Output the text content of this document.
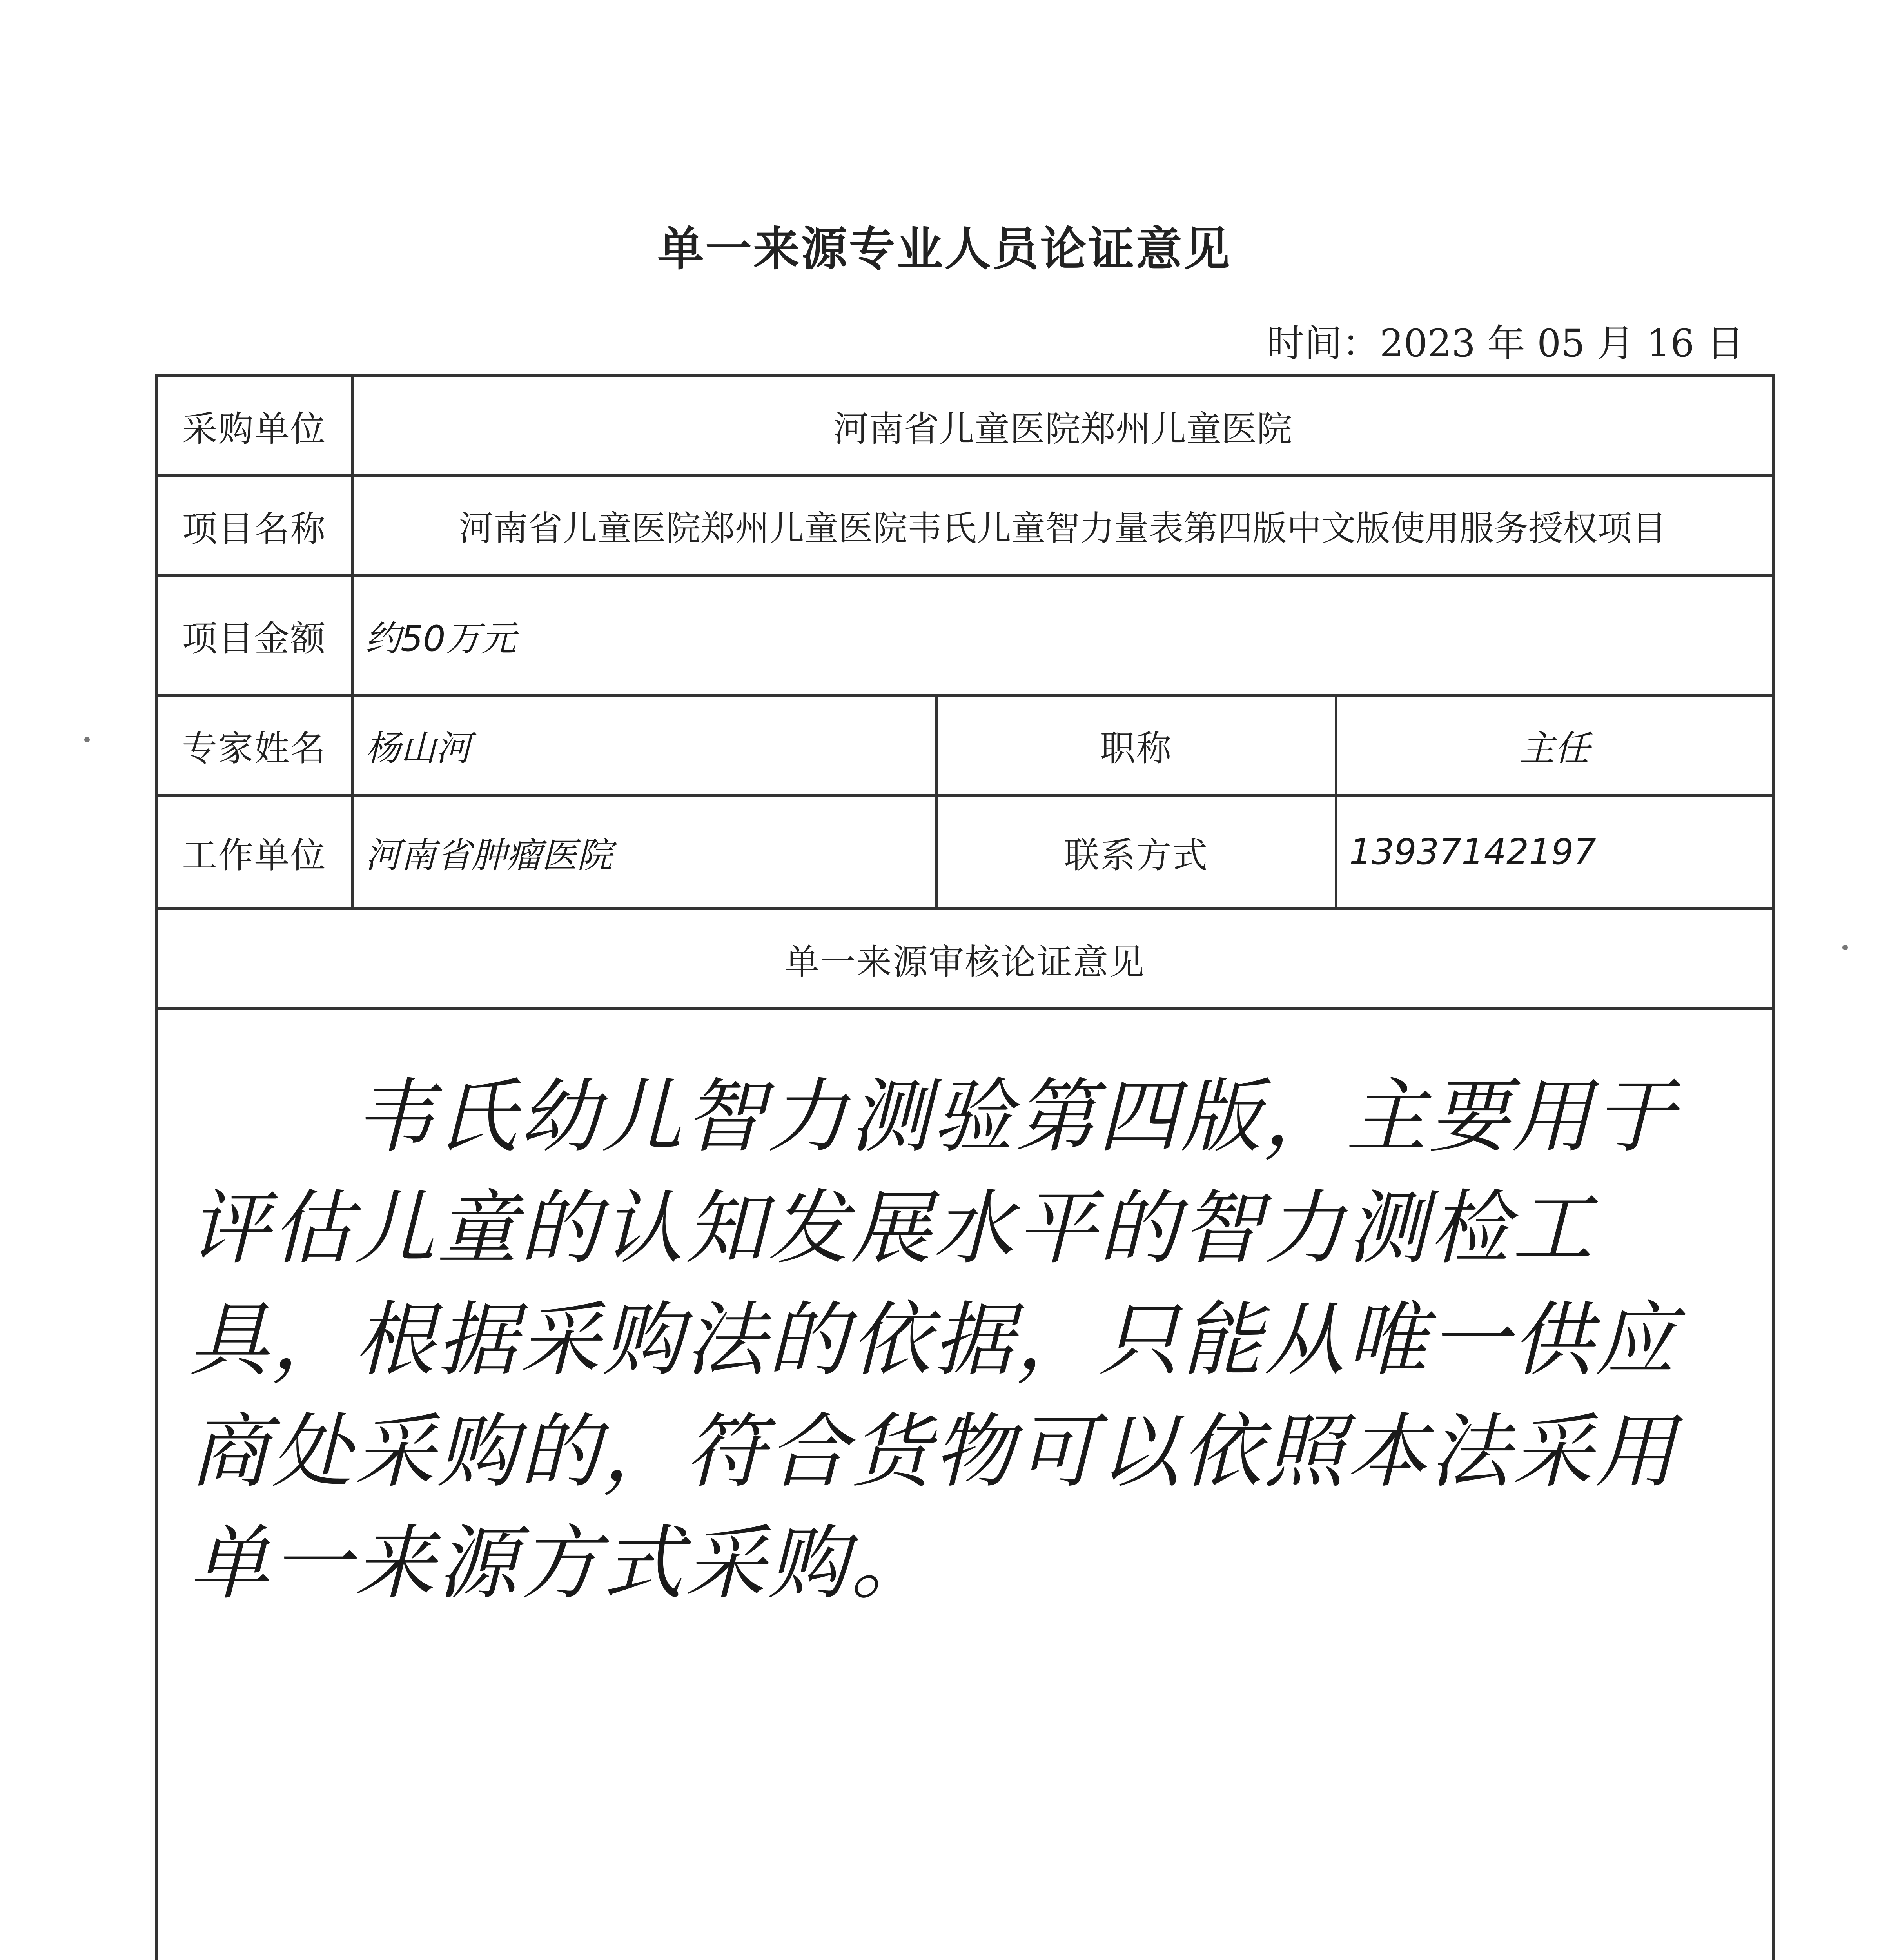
单一来源专业人员论证意见
时间：2023 年 05 月 16 日
采购单位	河南省儿童医院郑州儿童医院		
项目名称	河南省儿童医院郑州儿童医院韦氏儿童智力量表第四版中文版使用服务授权项目		
项目金额	约50万元		
专家姓名	杨山河	职称	主任
工作单位	河南省肿瘤医院	联系方式	13937142197
单一来源审核论证意见			

韦氏幼儿智力测验第四版，主要用于评估儿童的认知发展水平的智力测检工具，根据采购法的依据，只能从唯一供应商处采购的，符合货物可以依照本法采用单一来源方式采购。			
